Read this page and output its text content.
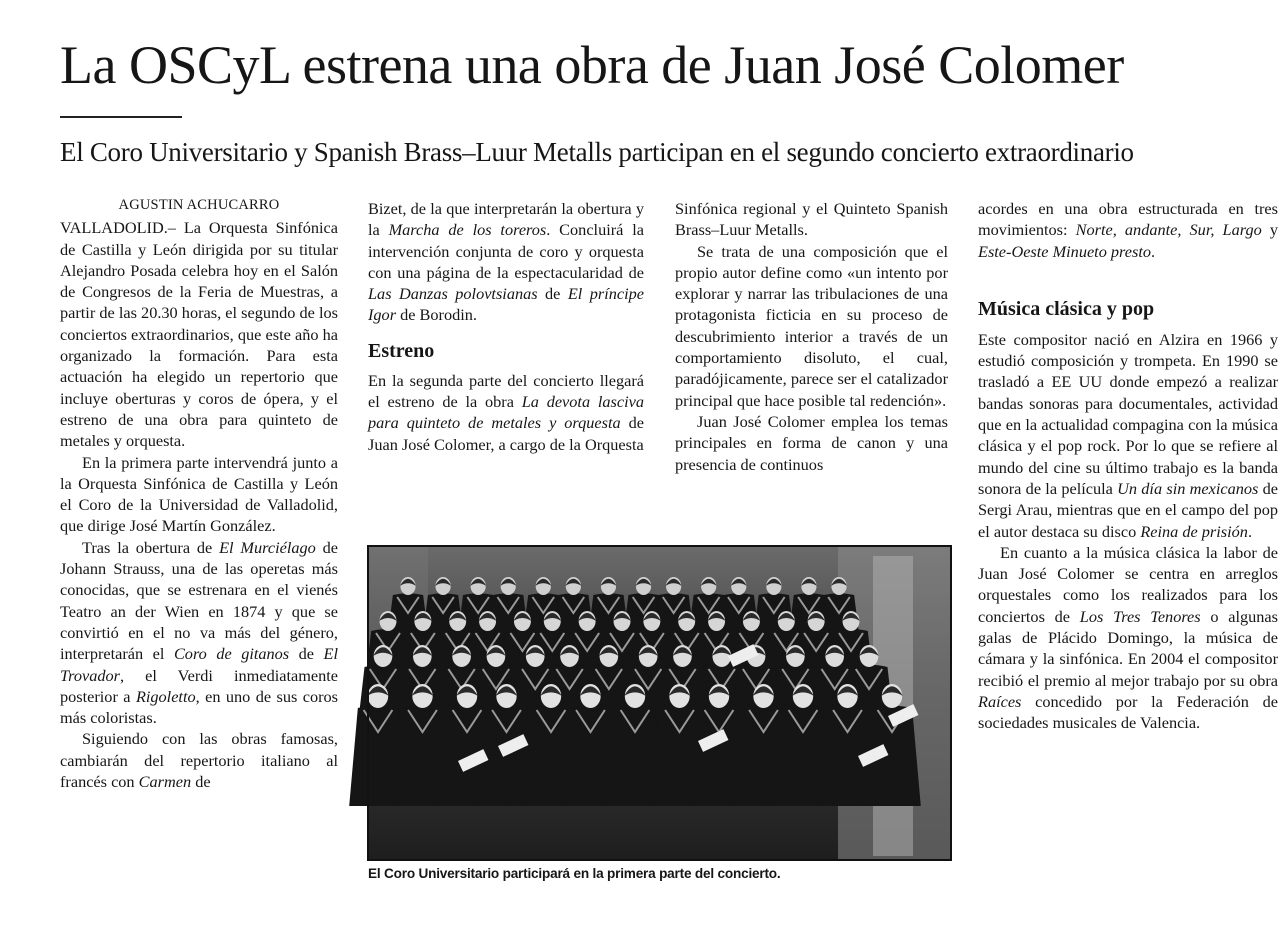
La OSCyL estrena una obra de Juan José Colomer
El Coro Universitario y Spanish Brass–Luur Metalls participan en el segundo concierto extraordinario
AGUSTIN ACHUCARRO

VALLADOLID.– La Orquesta Sinfónica de Castilla y León dirigida por su titular Alejandro Posada celebra hoy en el Salón de Congresos de la Feria de Muestras, a partir de las 20.30 horas, el segundo de los conciertos extraordinarios, que este año ha organizado la formación. Para esta actuación ha elegido un repertorio que incluye oberturas y coros de ópera, y el estreno de una obra para quinteto de metales y orquesta.

En la primera parte intervendrá junto a la Orquesta Sinfónica de Castilla y León el Coro de la Universidad de Valladolid, que dirige José Martín González.

Tras la obertura de El Murciélago de Johann Strauss, una de las operetas más conocidas, que se estrenara en el vienés Teatro an der Wien en 1874 y que se convirtió en el no va más del género, interpretarán el Coro de gitanos de El Trovador, el Verdi inmediatamente posterior a Rigoletto, en uno de sus coros más coloristas.

Siguiendo con las obras famosas, cambiarán del repertorio italiano al francés con Carmen de

Bizet, de la que interpretarán la obertura y la Marcha de los toreros. Concluirá la intervención conjunta de coro y orquesta con una página de la espectacularidad de Las Danzas polovtsianas de El príncipe Igor de Borodin.

Estreno

En la segunda parte del concierto llegará el estreno de la obra La devota lasciva para quinteto de metales y orquesta de Juan José Colomer, a cargo de la Orquesta

Sinfónica regional y el Quinteto Spanish Brass–Luur Metalls.

Se trata de una composición que el propio autor define como «un intento por explorar y narrar las tribulaciones de una protagonista ficticia en su proceso de descubrimiento interior a través de un comportamiento disoluto, el cual, paradójicamente, parece ser el catalizador principal que hace posible tal redención».

Juan José Colomer emplea los temas principales en forma de canon y una presencia de continuos

acordes en una obra estructurada en tres movimientos: Norte, andante, Sur, Largo y Este-Oeste Minueto presto.

Música clásica y pop

Este compositor nació en Alzira en 1966 y estudió composición y trompeta. En 1990 se trasladó a EE UU donde empezó a realizar bandas sonoras para documentales, actividad que en la actualidad compagina con la música clásica y el pop rock. Por lo que se refiere al mundo del cine su último trabajo es la banda sonora de la película Un día sin mexicanos de Sergi Arau, mientras que en el campo del pop el autor destaca su disco Reina de prisión.

En cuanto a la música clásica la labor de Juan José Colomer se centra en arreglos orquestales como los realizados para los conciertos de Los Tres Tenores o algunas galas de Plácido Domingo, la música de cámara y la sinfónica. En 2004 el compositor recibió el premio al mejor trabajo por su obra Raíces concedido por la Federación de sociedades musicales de Valencia.

El Coro Universitario participará en la primera parte del concierto.
